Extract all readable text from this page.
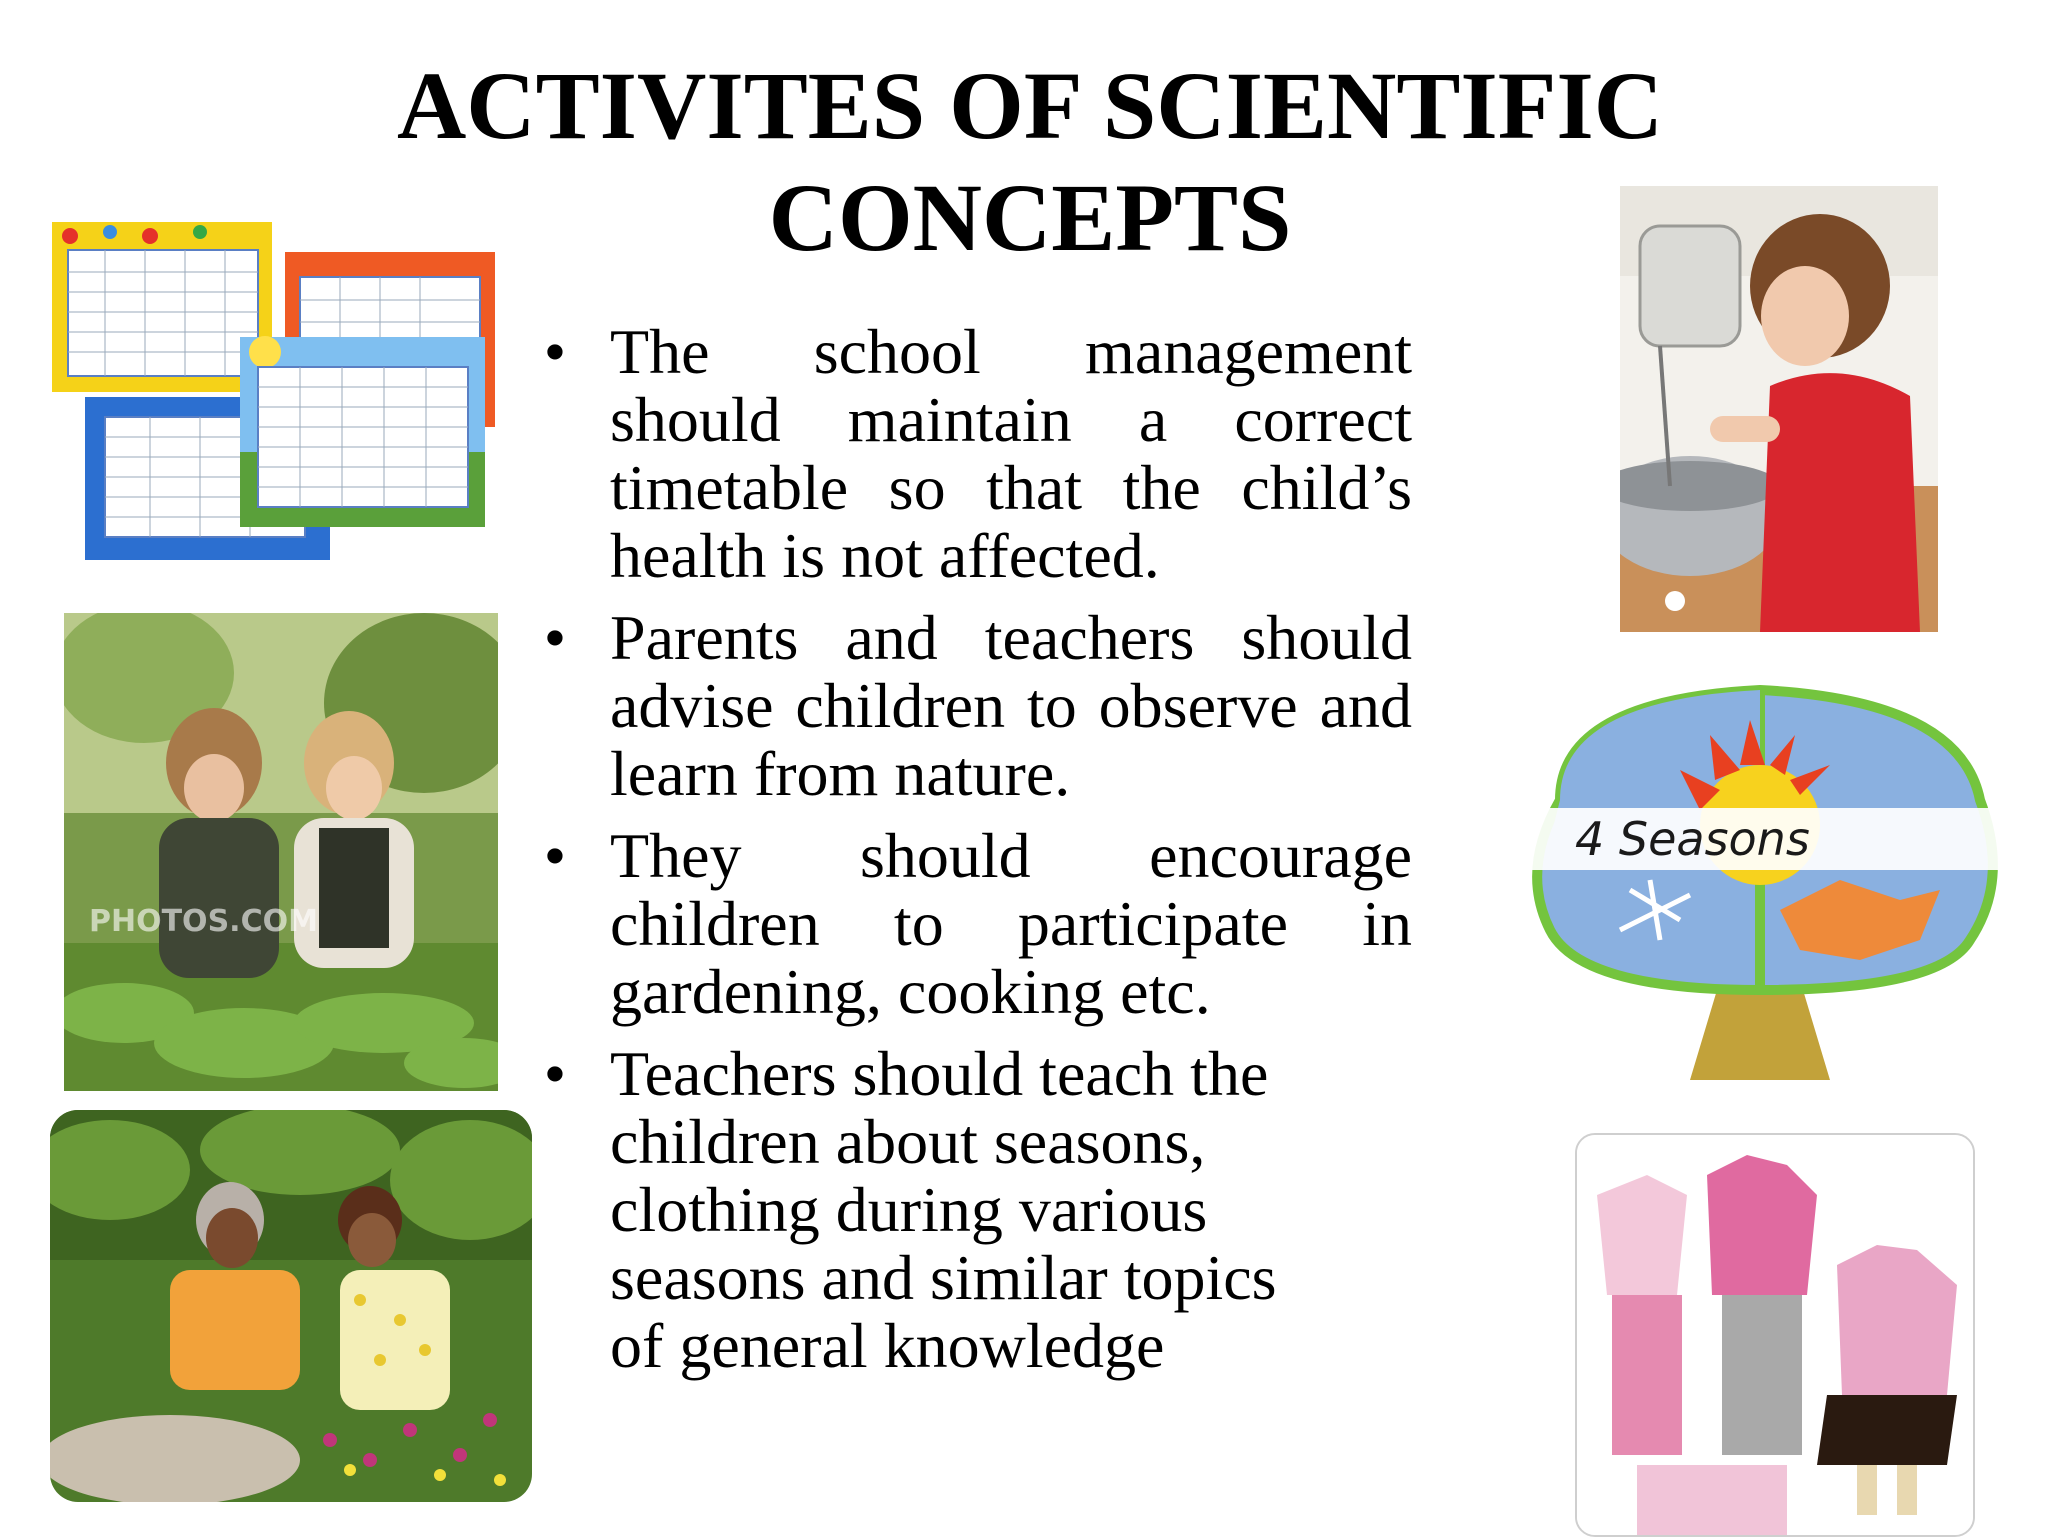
ACTIVITES OF SCIENTIFIC
CONCEPTS
• The school management should maintain a correct timetable so that the child’s health is not affected.
• Parents and teachers should advise children to observe and learn from nature.
• They should encourage children to participate in gardening, cooking etc.
• Teachers should teach the children about seasons, clothing during various seasons and similar topics of general knowledge
PHOTOS.COM
4 Seasons
